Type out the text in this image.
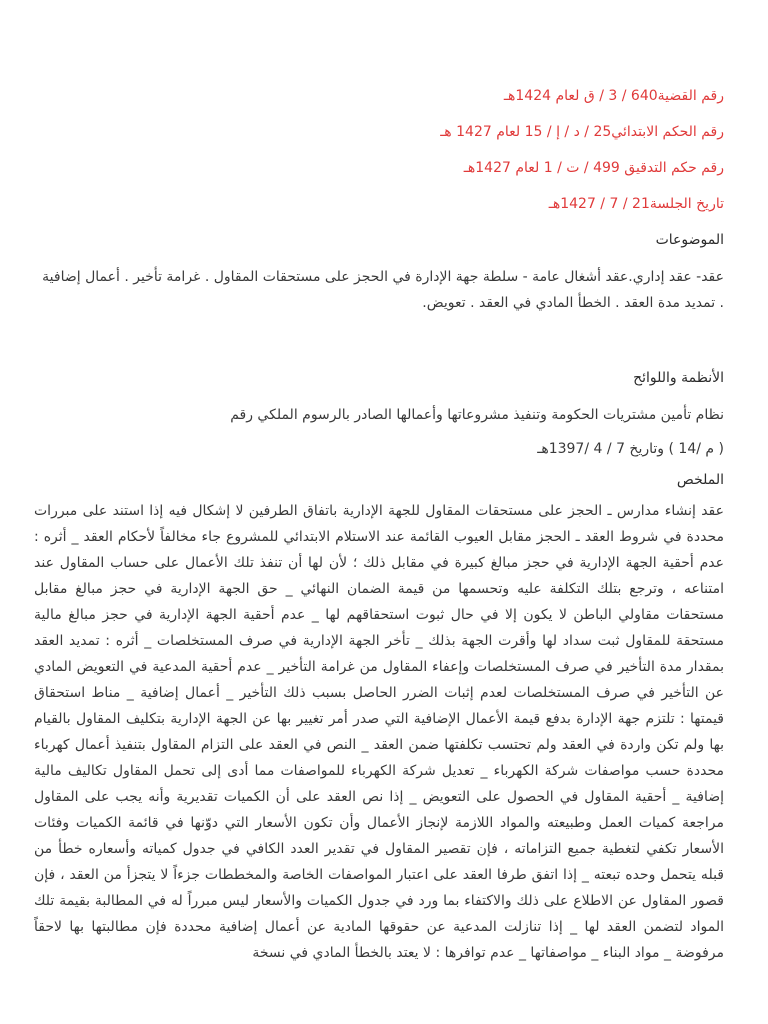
رقم القضية640 / 3 / ق لعام 1424هـ

رقم الحكم الابتدائي25 / د / إ / 15 لعام 1427 هـ

رقم حكم التدقيق 499 / ت / 1 لعام 1427هـ

تاريخ الجلسة21 / 7 / 1427هـ

الموضوعات

عقد- عقد إداري.عقد أشغال عامة - سلطة جهة الإدارة في الحجز على مستحقات المقاول . غرامة تأخير . أعمال إضافية . تمديد مدة العقد . الخطأ المادي في العقد . تعويض.

الأنظمة واللوائح

نظام تأمين مشتريات الحكومة وتنفيذ مشروعاتها وأعمالها الصادر بالرسوم الملكي رقم

( م /14 ) وتاريخ 7 / 4 /1397هـ

الملخص

عقد إنشاء مدارس ـ الحجز على مستحقات المقاول للجهة الإدارية باتفاق الطرفين لا إشكال فيه إذا استند على مبررات محددة في شروط العقد ـ الحجز مقابل العيوب القائمة عند الاستلام الابتدائي للمشروع جاء مخالفاً لأحكام العقد _ أثره : عدم أحقية الجهة الإدارية في حجز مبالغ كبيرة في مقابل ذلك ؛ لأن لها أن تنفذ تلك الأعمال على حساب المقاول عند امتناعه ، وترجع بتلك التكلفة عليه وتحسمها من قيمة الضمان النهائي _ حق الجهة الإدارية في حجز مبالغ مقابل مستحقات مقاولي الباطن لا يكون إلا في حال ثبوت استحقاقهم لها _ عدم أحقية الجهة الإدارية في حجز مبالغ مالية مستحقة للمقاول ثبت سداد لها وأقرت الجهة بذلك _ تأخر الجهة الإدارية في صرف المستخلصات _ أثره : تمديد العقد بمقدار مدة التأخير في صرف المستخلصات وإعفاء المقاول من غرامة التأخير _ عدم أحقية المدعية في التعويض المادي عن التأخير في صرف المستخلصات لعدم إثبات الضرر الحاصل بسبب ذلك التأخير _ أعمال إضافية _ مناط استحقاق قيمتها : تلتزم جهة الإدارة بدفع قيمة الأعمال الإضافية التي صدر أمر تغيير بها عن الجهة الإدارية بتكليف المقاول بالقيام بها ولم تكن واردة في العقد ولم تحتسب تكلفتها ضمن العقد _ النص في العقد على التزام المقاول بتنفيذ أعمال كهرباء محددة حسب مواصفات شركة الكهرباء _ تعديل شركة الكهرباء للمواصفات مما أدى إلى تحمل المقاول تكاليف مالية إضافية _ أحقية المقاول في الحصول على التعويض _ إذا نص العقد على أن الكميات تقديرية وأنه يجب على المقاول مراجعة كميات العمل وطبيعته والمواد اللازمة لإنجاز الأعمال وأن تكون الأسعار التي دوّنها في قائمة الكميات وفئات الأسعار تكفي لتغطية جميع التزاماته ، فإن تقصير المقاول في تقدير العدد الكافي في جدول كمياته وأسعاره خطأ من قبله يتحمل وحده تبعته _ إذا اتفق طرفا العقد على اعتبار المواصفات الخاصة والمخططات جزءاً لا يتجزأ من العقد ، فإن قصور المقاول عن الاطلاع على ذلك والاكتفاء بما ورد في جدول الكميات والأسعار ليس مبرراً له في المطالبة بقيمة تلك المواد لتضمن العقد لها _ إذا تنازلت المدعية عن حقوقها المادية عن أعمال إضافية محددة فإن مطالبتها بها لاحقاً مرفوضة _ مواد البناء _ مواصفاتها _ عدم توافرها : لا يعتد بالخطأ المادي في نسخة
